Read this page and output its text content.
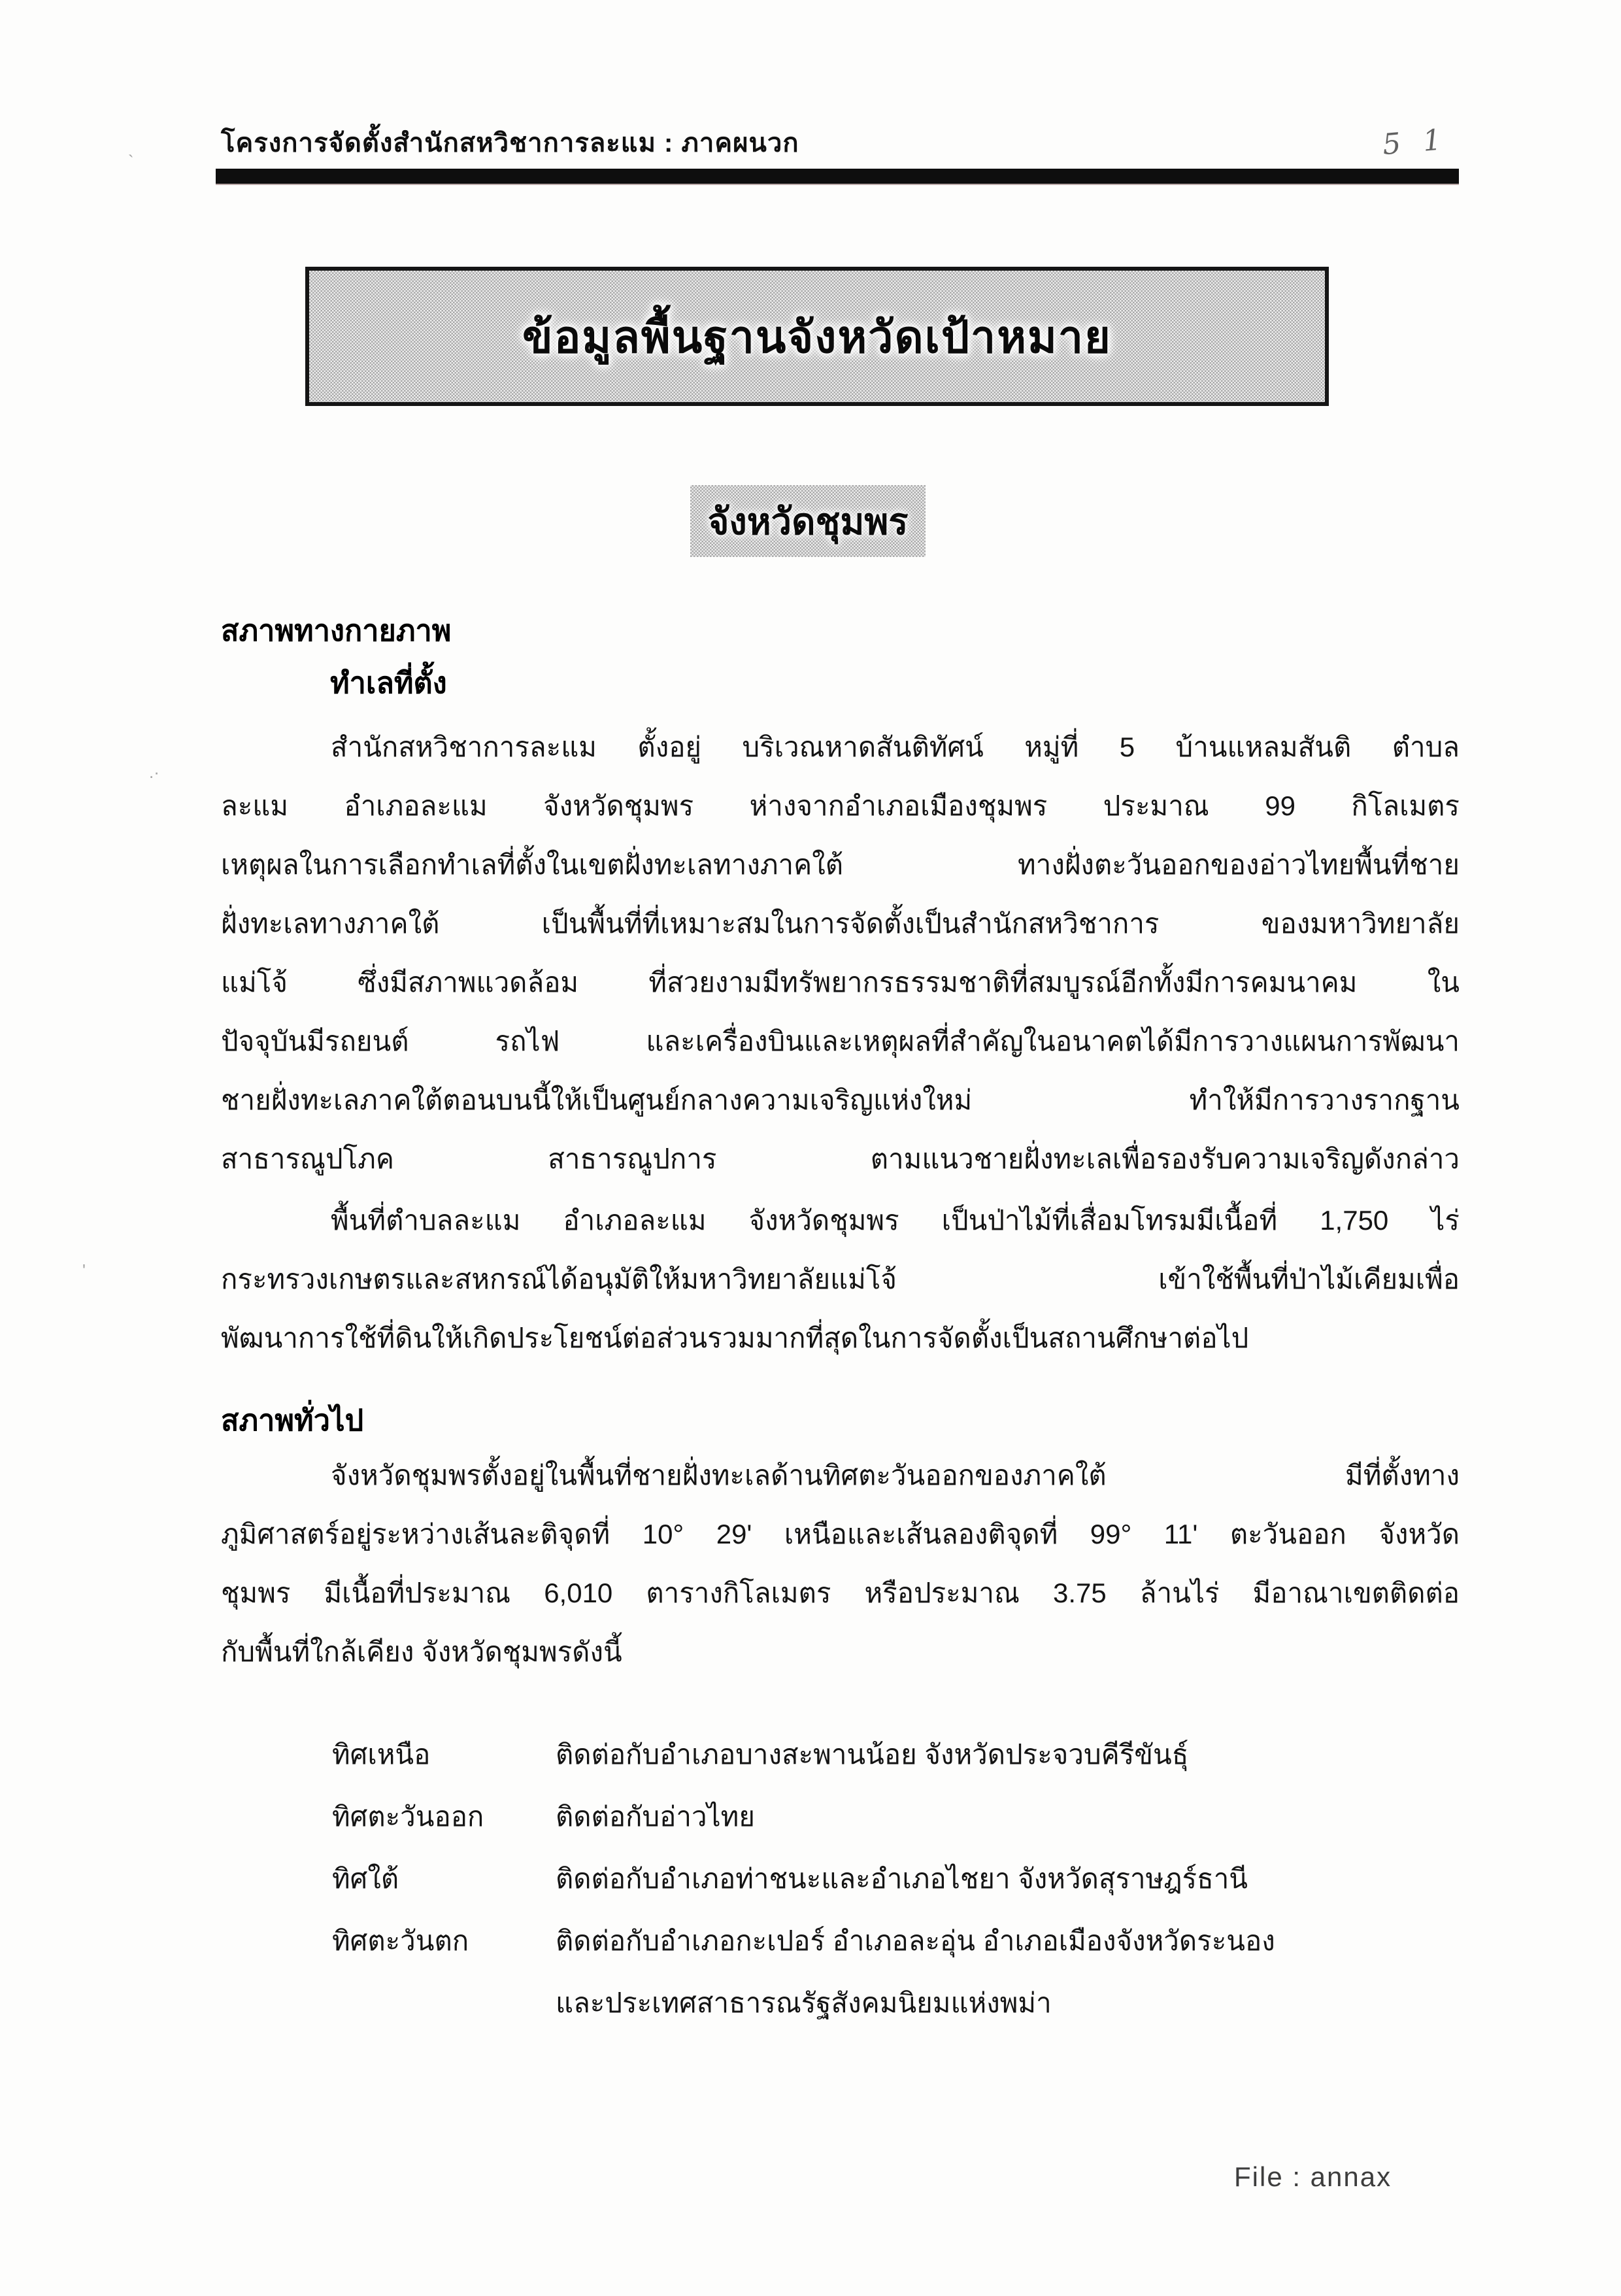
โครงการจัดตั้งสำนักสหวิชาการละแม : ภาคผนวก	5 1
ข้อมูลพื้นฐานจังหวัดเป้าหมาย
จังหวัดชุมพร
สภาพทางกายภาพ
ทำเลที่ตั้ง
สำนักสหวิชาการละแม ตั้งอยู่ บริเวณหาดสันติทัศน์ หมู่ที่ 5 บ้านแหลมสันติ ตำบล
ละแม อำเภอละแม จังหวัดชุมพร ห่างจากอำเภอเมืองชุมพร ประมาณ 99 กิโลเมตร
เหตุผลในการเลือกทำเลที่ตั้งในเขตฝั่งทะเลทางภาคใต้ ทางฝั่งตะวันออกของอ่าวไทยพื้นที่ชาย
ฝั่งทะเลทางภาคใต้ เป็นพื้นที่ที่เหมาะสมในการจัดตั้งเป็นสำนักสหวิชาการ ของมหาวิทยาลัย
แม่โจ้ ซึ่งมีสภาพแวดล้อม ที่สวยงามมีทรัพยากรธรรมชาติที่สมบูรณ์อีกทั้งมีการคมนาคม ใน
ปัจจุบันมีรถยนต์ รถไฟ และเครื่องบินและเหตุผลที่สำคัญในอนาคตได้มีการวางแผนการพัฒนา
ชายฝั่งทะเลภาคใต้ตอนบนนี้ให้เป็นศูนย์กลางความเจริญแห่งใหม่ ทำให้มีการวางรากฐาน
สาธารณูปโภค สาธารณูปการ ตามแนวชายฝั่งทะเลเพื่อรองรับความเจริญดังกล่าว
พื้นที่ตำบลละแม อำเภอละแม จังหวัดชุมพร เป็นป่าไม้ที่เสื่อมโทรมมีเนื้อที่ 1,750 ไร่
กระทรวงเกษตรและสหกรณ์ได้อนุมัติให้มหาวิทยาลัยแม่โจ้ เข้าใช้พื้นที่ป่าไม้เคียมเพื่อ
พัฒนาการใช้ที่ดินให้เกิดประโยชน์ต่อส่วนรวมมากที่สุดในการจัดตั้งเป็นสถานศึกษาต่อไป
สภาพทั่วไป
จังหวัดชุมพรตั้งอยู่ในพื้นที่ชายฝั่งทะเลด้านทิศตะวันออกของภาคใต้ มีที่ตั้งทาง
ภูมิศาสตร์อยู่ระหว่างเส้นละติจุดที่ 10° 29' เหนือและเส้นลองติจุดที่ 99° 11' ตะวันออก จังหวัด
ชุมพร มีเนื้อที่ประมาณ 6,010 ตารางกิโลเมตร หรือประมาณ 3.75 ล้านไร่ มีอาณาเขตติดต่อ
กับพื้นที่ใกล้เคียง จังหวัดชุมพรดังนี้
ทิศเหนือ	ติดต่อกับอำเภอบางสะพานน้อย จังหวัดประจวบคีรีขันธุ์
ทิศตะวันออก	ติดต่อกับอ่าวไทย
ทิศใต้	ติดต่อกับอำเภอท่าชนะและอำเภอไชยา จังหวัดสุราษฎร์ธานี
ทิศตะวันตก	ติดต่อกับอำเภอกะเปอร์ อำเภอละอุ่น อำเภอเมืองจังหวัดระนอง
และประเทศสาธารณรัฐสังคมนิยมแห่งพม่า
File : annax
`
.·
'
